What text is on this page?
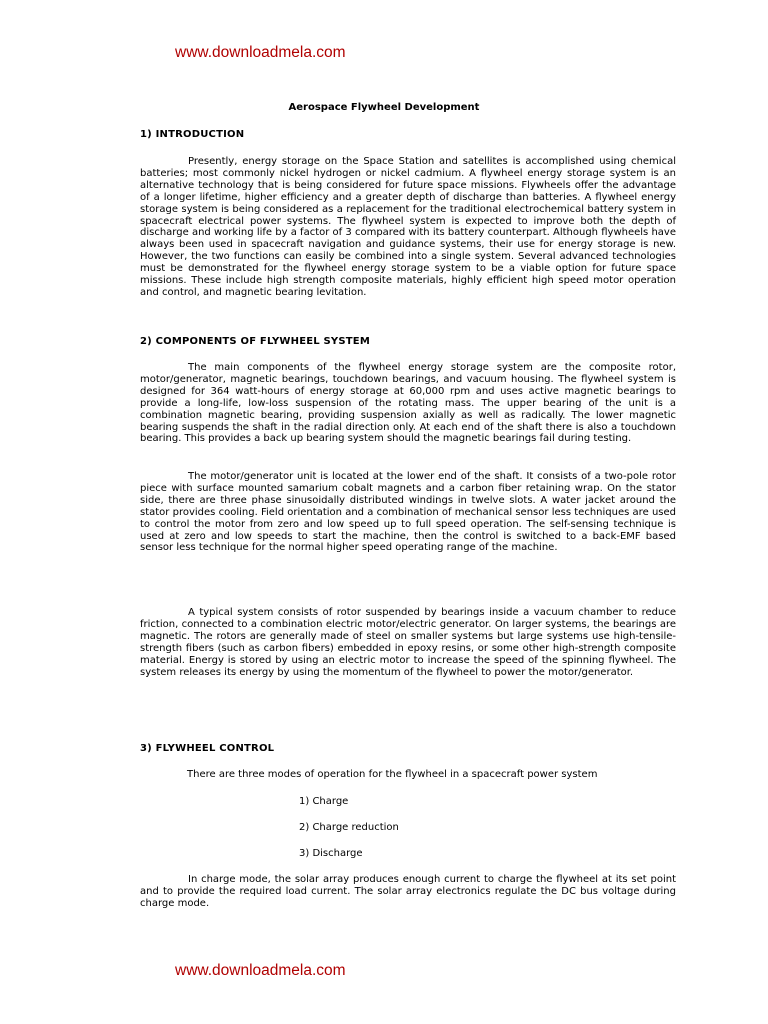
www.downloadmela.com
Aerospace Flywheel Development
1) INTRODUCTION

Presently, energy storage on the Space Station and satellites is accomplished using chemical batteries; most commonly nickel hydrogen or nickel cadmium. A flywheel energy storage system is an alternative technology that is being considered for future space missions. Flywheels offer the advantage of a longer lifetime, higher efficiency and a greater depth of discharge than batteries. A flywheel energy storage system is being considered as a replacement for the traditional electrochemical battery system in spacecraft electrical power systems. The flywheel system is expected to improve both the depth of discharge and working life by a factor of 3 compared with its battery counterpart. Although flywheels have always been used in spacecraft navigation and guidance systems, their use for energy storage is new. However, the two functions can easily be combined into a single system. Several advanced technologies must be demonstrated for the flywheel energy storage system to be a viable option for future space missions. These include high strength composite materials, highly efficient high speed motor operation and control, and magnetic bearing levitation.

2) COMPONENTS OF FLYWHEEL SYSTEM

The main components of the flywheel energy storage system are the composite rotor, motor/generator, magnetic bearings, touchdown bearings, and vacuum housing. The flywheel system is designed for 364 watt-hours of energy storage at 60,000 rpm and uses active magnetic bearings to provide a long-life, low-loss suspension of the rotating mass. The upper bearing of the unit is a combination magnetic bearing, providing suspension axially as well as radically. The lower magnetic bearing suspends the shaft in the radial direction only. At each end of the shaft there is also a touchdown bearing. This provides a back up bearing system should the magnetic bearings fail during testing.

The motor/generator unit is located at the lower end of the shaft. It consists of a two-pole rotor piece with surface mounted samarium cobalt magnets and a carbon fiber retaining wrap. On the stator side, there are three phase sinusoidally distributed windings in twelve slots. A water jacket around the stator provides cooling. Field orientation and a combination of mechanical sensor less techniques are used to control the motor from zero and low speed up to full speed operation. The self-sensing technique is used at zero and low speeds to start the machine, then the control is switched to a back-EMF based sensor less technique for the normal higher speed operating range of the machine.

A typical system consists of rotor suspended by bearings inside a vacuum chamber to reduce friction, connected to a combination electric motor/electric generator. On larger systems, the bearings are magnetic. The rotors are generally made of steel on smaller systems but large systems use high-tensile-strength fibers (such as carbon fibers) embedded in epoxy resins, or some other high-strength composite material. Energy is stored by using an electric motor to increase the speed of the spinning flywheel. The system releases its energy by using the momentum of the flywheel to power the motor/generator.

3) FLYWHEEL CONTROL
There are three modes of operation for the flywheel in a spacecraft power system
1) Charge
2) Charge reduction
3) Discharge

In charge mode, the solar array produces enough current to charge the flywheel at its set point and to provide the required load current. The solar array electronics regulate the DC bus voltage during charge mode.

www.downloadmela.com
